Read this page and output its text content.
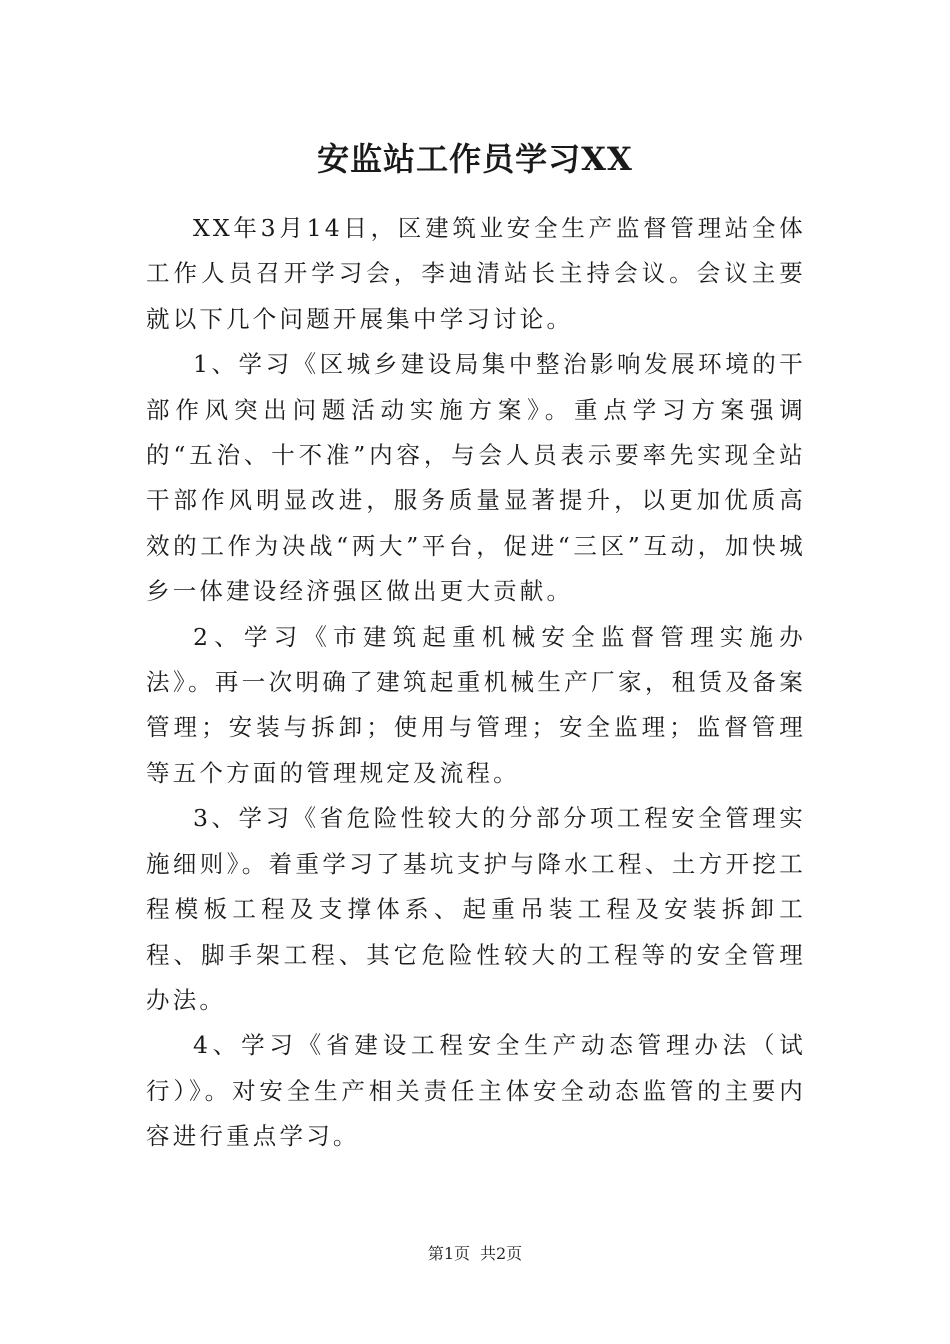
安监站工作员学习XX

XX年3月14日，区建筑业安全生产监督管理站全体工作人员召开学习会，李迪清站长主持会议。会议主要就以下几个问题开展集中学习讨论。

1、学习《区城乡建设局集中整治影响发展环境的干部作风突出问题活动实施方案》。重点学习方案强调的“五治、十不准”内容，与会人员表示要率先实现全站干部作风明显改进，服务质量显著提升，以更加优质高效的工作为决战“两大”平台，促进“三区”互动，加快城乡一体建设经济强区做出更大贡献。

2、学习《市建筑起重机械安全监督管理实施办法》。再一次明确了建筑起重机械生产厂家，租赁及备案管理；安装与拆卸；使用与管理；安全监理；监督管理等五个方面的管理规定及流程。

3、学习《省危险性较大的分部分项工程安全管理实施细则》。着重学习了基坑支护与降水工程、土方开挖工程模板工程及支撑体系、起重吊装工程及安装拆卸工程、脚手架工程、其它危险性较大的工程等的安全管理办法。

4、学习《省建设工程安全生产动态管理办法（试行）》。对安全生产相关责任主体安全动态监管的主要内容进行重点学习。

第1页 共2页
